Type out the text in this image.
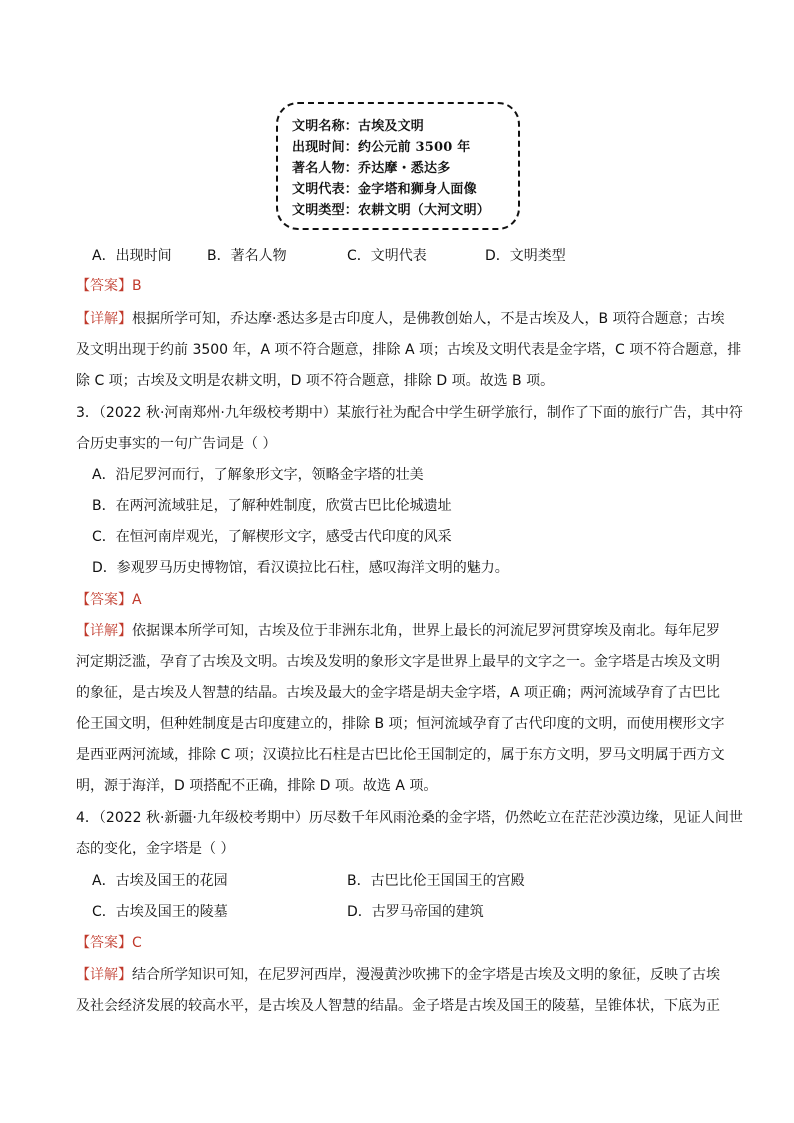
文明名称：古埃及文明
出现时间：约公元前 3500 年
著名人物：乔达摩・悉达多
文明代表：金字塔和狮身人面像
文明类型：农耕文明（大河文明）
A．出现时间	B．著名人物	C．文明代表	D．文明类型
【答案】B
【详解】根据所学可知，乔达摩·悉达多是古印度人，是佛教创始人，不是古埃及人，B 项符合题意；古埃
及文明出现于约前 3500 年，A 项不符合题意，排除 A 项；古埃及文明代表是金字塔，C 项不符合题意，排
除 C 项；古埃及文明是农耕文明，D 项不符合题意，排除 D 项。故选 B 项。
3．（2022 秋·河南郑州·九年级校考期中）某旅行社为配合中学生研学旅行，制作了下面的旅行广告，其中符
合历史事实的一句广告词是（ ）
A．沿尼罗河而行，了解象形文字，领略金字塔的壮美
B．在两河流域驻足，了解种姓制度，欣赏古巴比伦城遗址
C．在恒河南岸观光，了解楔形文字，感受古代印度的风采
D．参观罗马历史博物馆，看汉谟拉比石柱，感叹海洋文明的魅力。
【答案】A
【详解】依据课本所学可知，古埃及位于非洲东北角，世界上最长的河流尼罗河贯穿埃及南北。每年尼罗
河定期泛滥，孕育了古埃及文明。古埃及发明的象形文字是世界上最早的文字之一。金字塔是古埃及文明
的象征，是古埃及人智慧的结晶。古埃及最大的金字塔是胡夫金字塔，A 项正确；两河流域孕育了古巴比
伦王国文明，但种姓制度是古印度建立的，排除 B 项；恒河流域孕育了古代印度的文明，而使用楔形文字
是西亚两河流域，排除 C 项；汉谟拉比石柱是古巴比伦王国制定的，属于东方文明，罗马文明属于西方文
明，源于海洋，D 项搭配不正确，排除 D 项。故选 A 项。
4．（2022 秋·新疆·九年级校考期中）历尽数千年风雨沧桑的金字塔，仍然屹立在茫茫沙漠边缘，见证人间世
态的变化，金字塔是（ ）
A．古埃及国王的花园	B．古巴比伦王国国王的宫殿
C．古埃及国王的陵墓	D．古罗马帝国的建筑
【答案】C
【详解】结合所学知识可知，在尼罗河西岸，漫漫黄沙吹拂下的金字塔是古埃及文明的象征，反映了古埃
及社会经济发展的较高水平，是古埃及人智慧的结晶。金子塔是古埃及国王的陵墓，呈锥体状，下底为正
